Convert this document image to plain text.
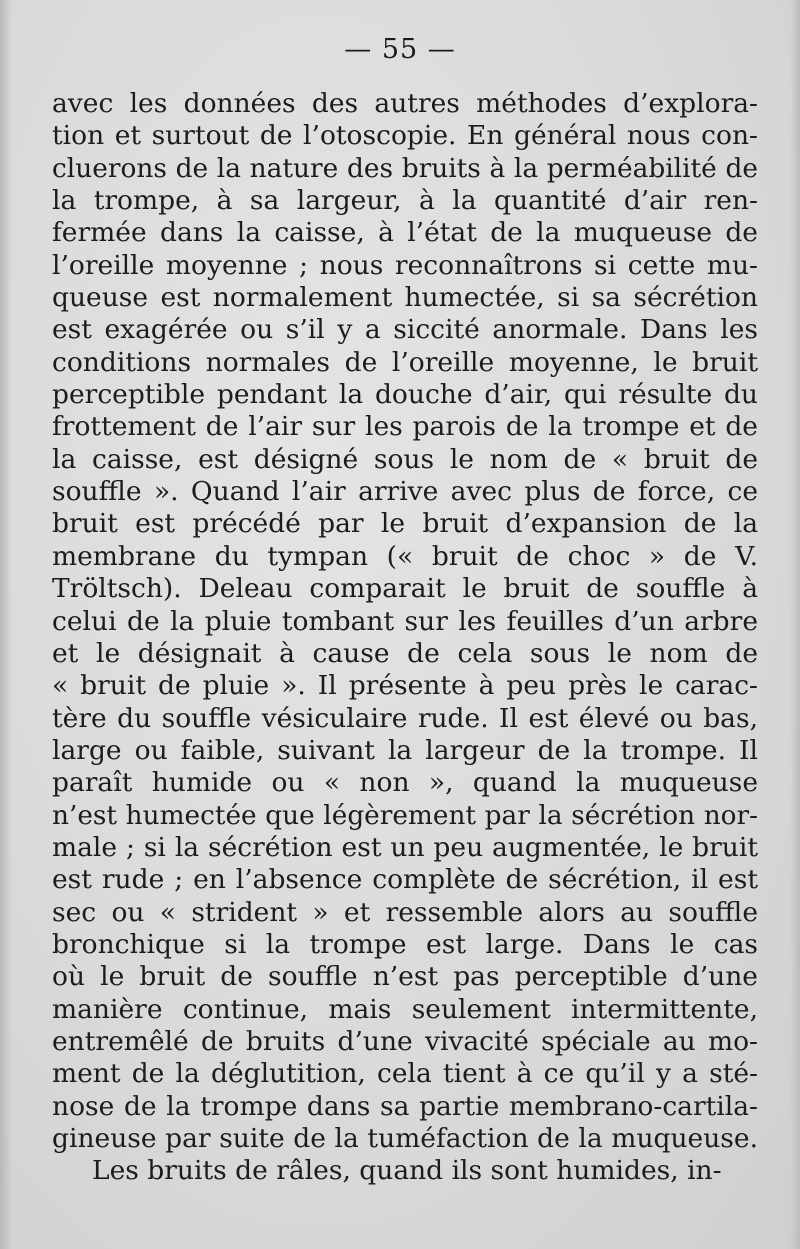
— 55 —
avec les données des autres méthodes d’explora-
tion et surtout de l’otoscopie. En général nous con-
cluerons de la nature des bruits à la perméabilité de
la trompe, à sa largeur, à la quantité d’air ren-
fermée dans la caisse, à l’état de la muqueuse de
l’oreille moyenne ; nous reconnaîtrons si cette mu-
queuse est normalement humectée, si sa sécrétion
est exagérée ou s’il y a siccité anormale. Dans les
conditions normales de l’oreille moyenne, le bruit
perceptible pendant la douche d’air, qui résulte du
frottement de l’air sur les parois de la trompe et de
la caisse, est désigné sous le nom de « bruit de
souffle ». Quand l’air arrive avec plus de force, ce
bruit est précédé par le bruit d’expansion de la
membrane du tympan (« bruit de choc » de V.
Tröltsch). Deleau comparait le bruit de souffle à
celui de la pluie tombant sur les feuilles d’un arbre
et le désignait à cause de cela sous le nom de
« bruit de pluie ». Il présente à peu près le carac-
tère du souffle vésiculaire rude. Il est élevé ou bas,
large ou faible, suivant la largeur de la trompe. Il
paraît humide ou « non », quand la muqueuse
n’est humectée que légèrement par la sécrétion nor-
male ; si la sécrétion est un peu augmentée, le bruit
est rude ; en l’absence complète de sécrétion, il est
sec ou « strident » et ressemble alors au souffle
bronchique si la trompe est large. Dans le cas
où le bruit de souffle n’est pas perceptible d’une
manière continue, mais seulement intermittente,
entremêlé de bruits d’une vivacité spéciale au mo-
ment de la déglutition, cela tient à ce qu’il y a sté-
nose de la trompe dans sa partie membrano-cartila-
gineuse par suite de la tuméfaction de la muqueuse.
Les bruits de râles, quand ils sont humides, in-
